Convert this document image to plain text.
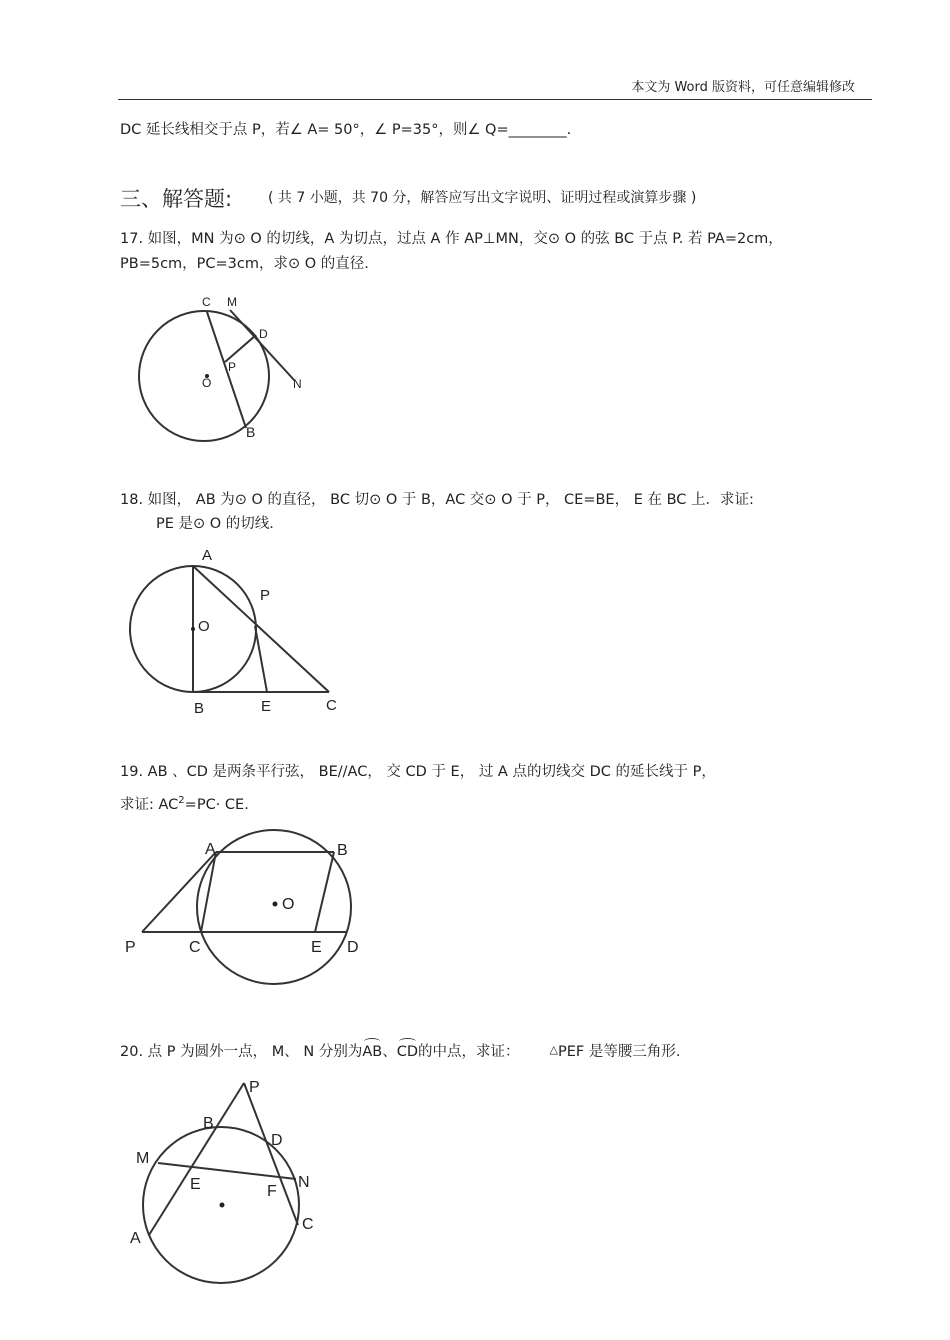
本文为 Word 版资料，可任意编辑修改
DC 延长线相交于点 P，若∠ A= 50°，∠ P=35°，则∠ Q=________.
三、解答题:	( 共 7 小题，共 70 分，解答应写出文字说明、证明过程或演算步骤 )
17. 如图，MN 为⊙ O 的切线，A 为切点，过点 A 作 AP⊥MN，交⊙ O 的弦 BC 于点 P. 若 PA=2cm，
PB=5cm，PC=3cm，求⊙ O 的直径.
C M
D
P
O	N
B
18. 如图， AB 为⊙ O 的直径， BC 切⊙ O 于 B，AC 交⊙ O 于 P， CE=BE， E 在 BC 上．求证:
PE 是⊙ O 的切线.
A
P
O
B	E	C
19. AB 、CD 是两条平行弦， BE//AC， 交 CD 于 E， 过 A 点的切线交 DC 的延长线于 P，
求证: $AC^2=PC\cdot$ CE.
A	B
O
P	C	E D
20. 点 P 为圆外一点， M、 N 分别为
AB、
CD的中点，求证：	△PEF 是等腰三角形.
P
B
D
M
E	F
N
A
C
